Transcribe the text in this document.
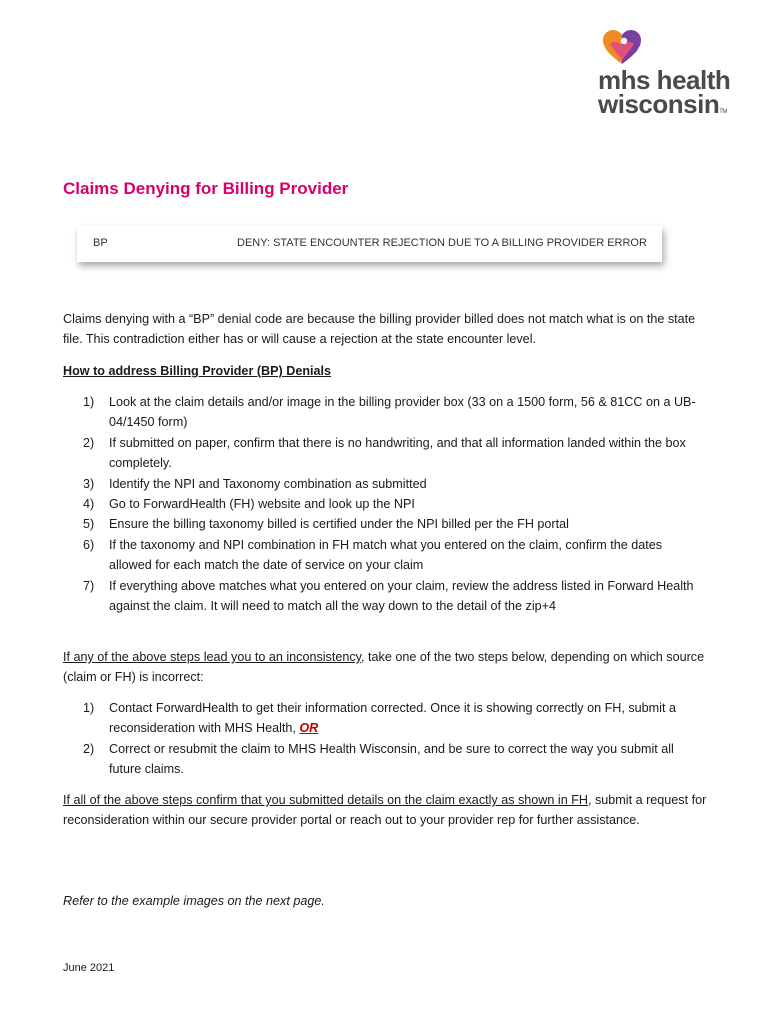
mhs health
wisconsinTM
Claims Denying for Billing Provider
BP	DENY: STATE ENCOUNTER REJECTION DUE TO A BILLING PROVIDER ERROR

Claims denying with a “BP” denial code are because the billing provider billed does not match what is on the state file. This contradiction either has or will cause a rejection at the state encounter level.

How to address Billing Provider (BP) Denials

1) Look at the claim details and/or image in the billing provider box (33 on a 1500 form, 56 & 81CC on a UB-04/1450 form)
2) If submitted on paper, confirm that there is no handwriting, and that all information landed within the box completely.
3) Identify the NPI and Taxonomy combination as submitted
4) Go to ForwardHealth (FH) website and look up the NPI
5) Ensure the billing taxonomy billed is certified under the NPI billed per the FH portal
6) If the taxonomy and NPI combination in FH match what you entered on the claim, confirm the dates allowed for each match the date of service on your claim
7) If everything above matches what you entered on your claim, review the address listed in Forward Health against the claim. It will need to match all the way down to the detail of the zip+4

If any of the above steps lead you to an inconsistency, take one of the two steps below, depending on which source (claim or FH) is incorrect:

1) Contact ForwardHealth to get their information corrected. Once it is showing correctly on FH, submit a reconsideration with MHS Health, OR
2) Correct or resubmit the claim to MHS Health Wisconsin, and be sure to correct the way you submit all future claims.

If all of the above steps confirm that you submitted details on the claim exactly as shown in FH, submit a request for reconsideration within our secure provider portal or reach out to your provider rep for further assistance.

Refer to the example images on the next page.

June 2021
